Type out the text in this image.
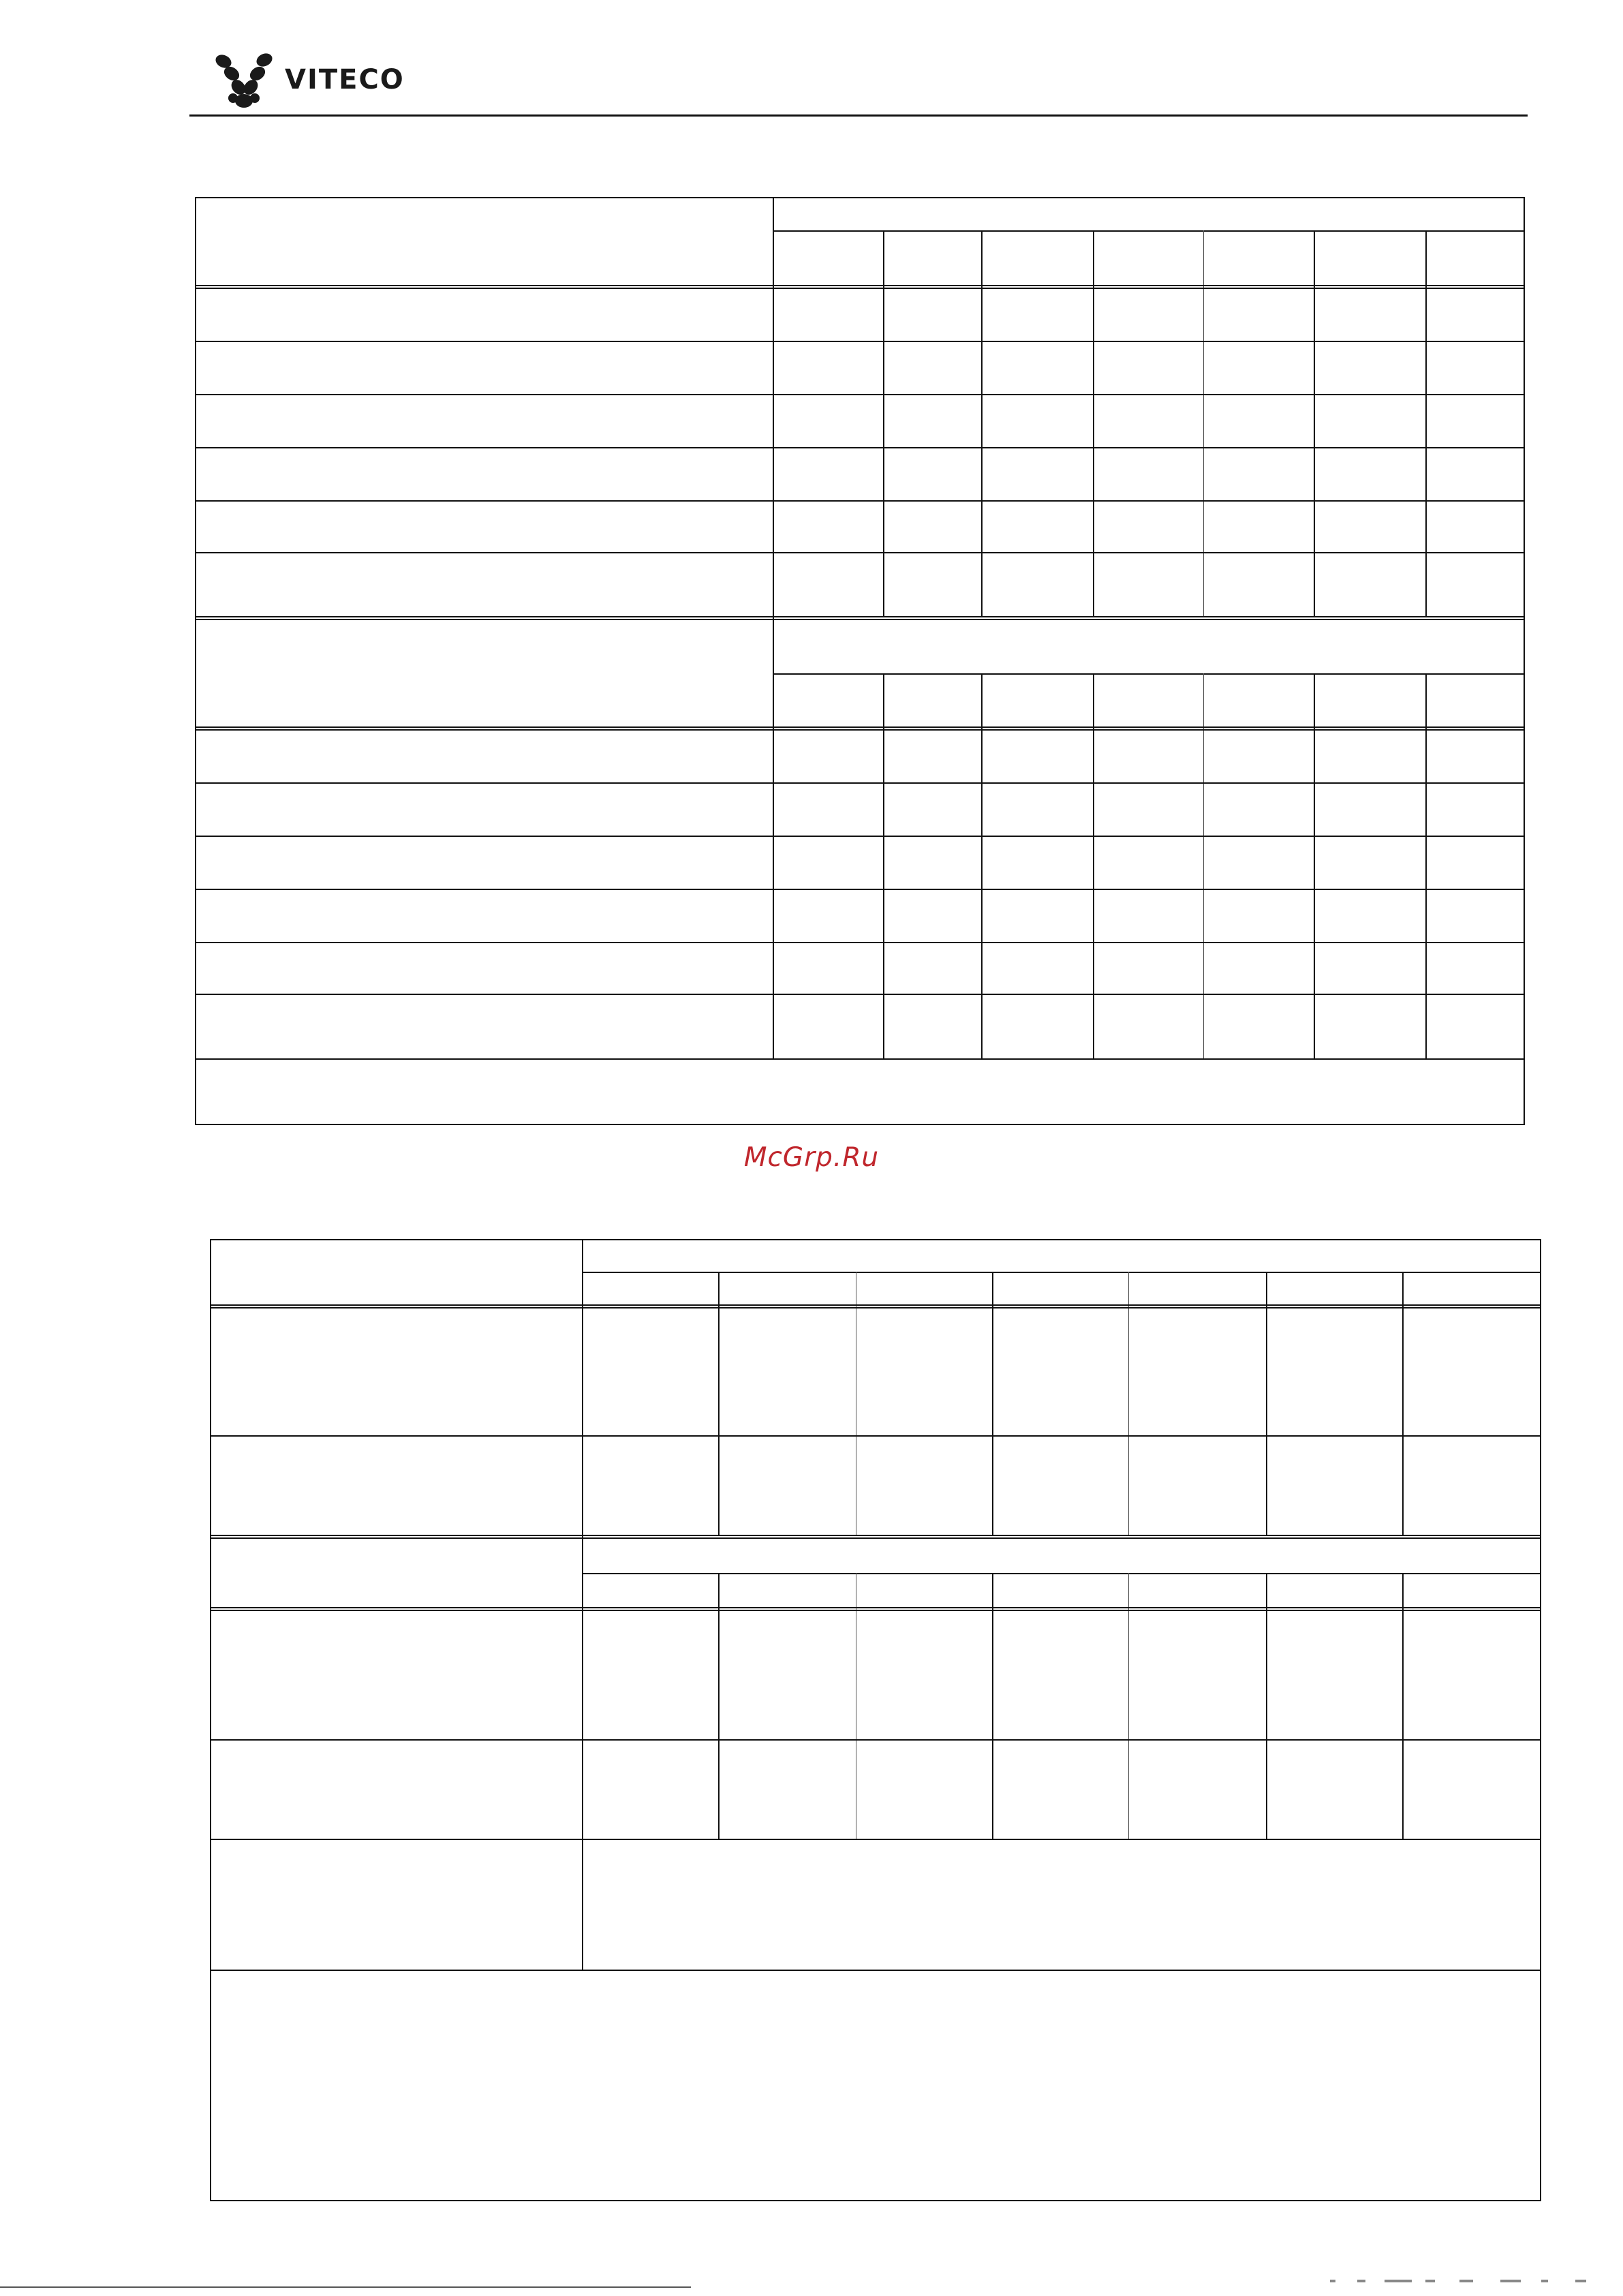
VITECO
McGrp.Ru
